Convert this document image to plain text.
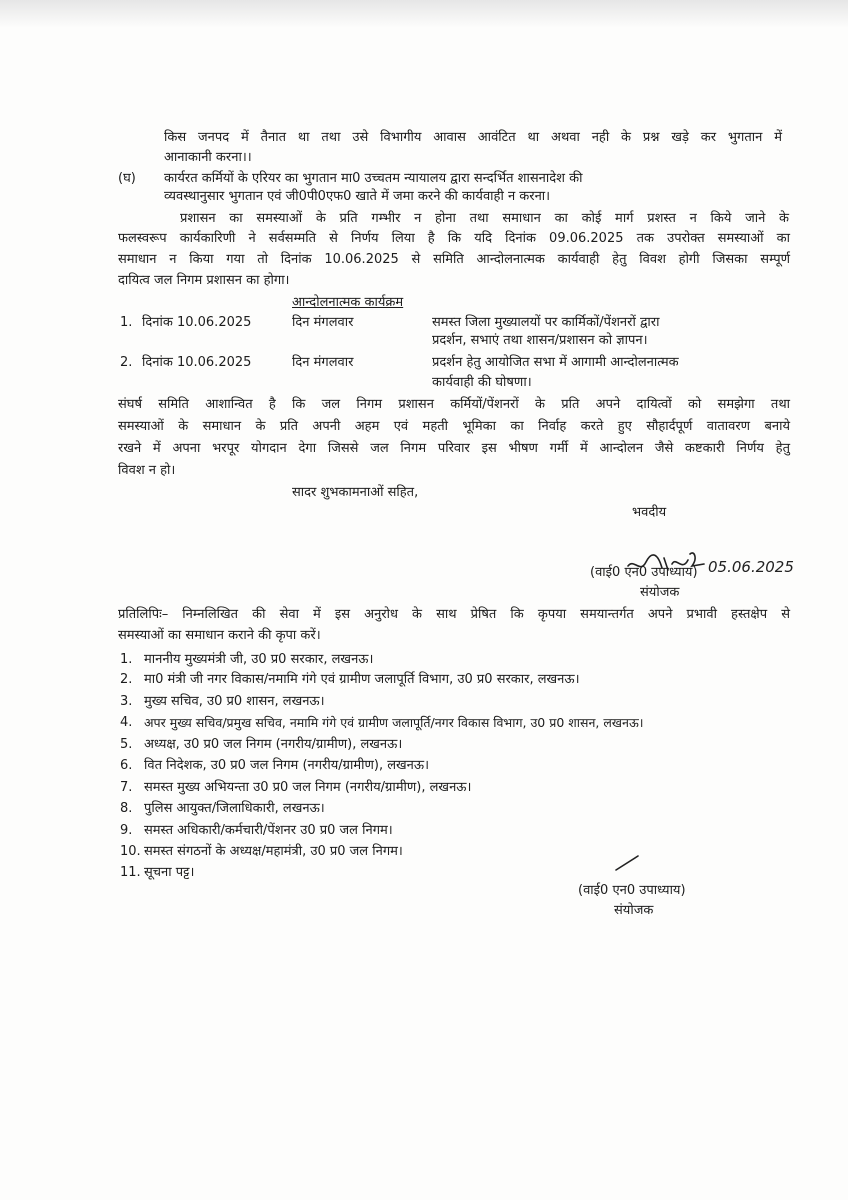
किस जनपद में तैनात था तथा उसे विभागीय आवास आवंटित था अथवा नही के प्रश्न खड़े कर भुगतान में
आनाकानी करना।।
(घ) कार्यरत कर्मियों के एरियर का भुगतान मा0 उच्चतम न्यायालय द्वारा सन्दर्भित शासनादेश की
व्यवस्थानुसार भुगतान एवं जी0पी0एफ0 खाते में जमा करने की कार्यवाही न करना।
प्रशासन का समस्याओं के प्रति गम्भीर न होना तथा समाधान का कोई मार्ग प्रशस्त न किये जाने के
फलस्वरूप कार्यकारिणी ने सर्वसम्मति से निर्णय लिया है कि यदि दिनांक 09.06.2025 तक उपरोक्त समस्याओं का
समाधान न किया गया तो दिनांक 10.06.2025 से समिति आन्दोलनात्मक कार्यवाही हेतु विवश होगी जिसका सम्पूर्ण
दायित्व जल निगम प्रशासन का होगा।
आन्दोलनात्मक कार्यक्रम
1. दिनांक 10.06.2025	दिन मंगलवार	समस्त जिला मुख्यालयों पर कार्मिकों/पेंशनरों द्वारा
प्रदर्शन, सभाएं तथा शासन/प्रशासन को ज्ञापन।
2. दिनांक 10.06.2025	दिन मंगलवार	प्रदर्शन हेतु आयोजित सभा में आगामी आन्दोलनात्मक
कार्यवाही की घोषणा।
संघर्ष समिति आशान्वित है कि जल निगम प्रशासन कर्मियों/पेंशनरों के प्रति अपने दायित्वों को समझेगा तथा
समस्याओं के समाधान के प्रति अपनी अहम एवं महती भूमिका का निर्वाह करते हुए सौहार्दपूर्ण वातावरण बनाये
रखने में अपना भरपूर योगदान देगा जिससे जल निगम परिवार इस भीषण गर्मी में आन्दोलन जैसे कष्टकारी निर्णय हेतु
विवश न हो।
सादर शुभकामनाओं सहित,
भवदीय
05.06.2025
(वाई0 एन0 उपाध्याय)
संयोजक
प्रतिलिपिः– निम्नलिखित की सेवा में इस अनुरोध के साथ प्रेषित कि कृपया समयान्तर्गत अपने प्रभावी हस्तक्षेप से
समस्याओं का समाधान कराने की कृपा करें।
1. माननीय मुख्यमंत्री जी, उ0 प्र0 सरकार, लखनऊ।
2. मा0 मंत्री जी नगर विकास/नमामि गंगे एवं ग्रामीण जलापूर्ति विभाग, उ0 प्र0 सरकार, लखनऊ।
3. मुख्य सचिव, उ0 प्र0 शासन, लखनऊ।
4. अपर मुख्य सचिव/प्रमुख सचिव, नमामि गंगे एवं ग्रामीण जलापूर्ति/नगर विकास विभाग, उ0 प्र0 शासन, लखनऊ।
5. अध्यक्ष, उ0 प्र0 जल निगम (नगरीय/ग्रामीण), लखनऊ।
6. वित निदेशक, उ0 प्र0 जल निगम (नगरीय/ग्रामीण), लखनऊ।
7. समस्त मुख्य अभियन्ता उ0 प्र0 जल निगम (नगरीय/ग्रामीण), लखनऊ।
8. पुलिस आयुक्त/जिलाधिकारी, लखनऊ।
9. समस्त अधिकारी/कर्मचारी/पेंशनर उ0 प्र0 जल निगम।
10. समस्त संगठनों के अध्यक्ष/महामंत्री, उ0 प्र0 जल निगम।
11. सूचना पट्ट।
(वाई0 एन0 उपाध्याय)
संयोजक
